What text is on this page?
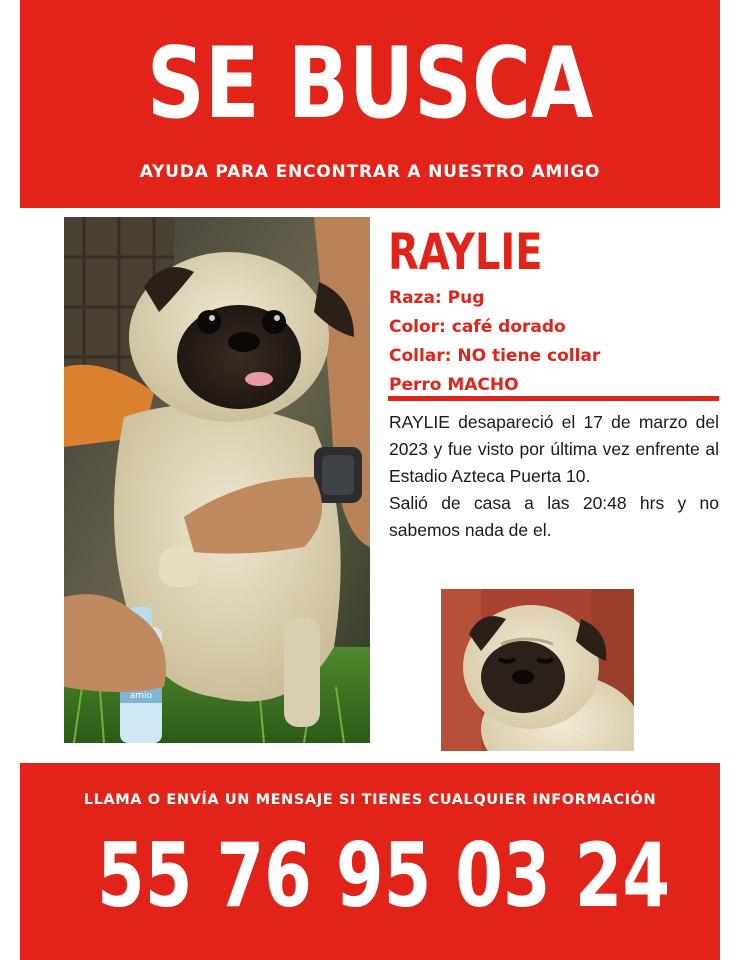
SE BUSCA
AYUDA PARA ENCONTRAR A NUESTRO AMIGO
amio
RAYLIE
Raza: Pug
Color: café dorado
Collar: NO tiene collar
Perro MACHO

RAYLIE desapareció el 17 de marzo del 2023 y fue visto por última vez enfrente al Estadio Azteca Puerta 10.

Salió de casa a las 20:48 hrs y no sabemos nada de el.

LLAMA O ENVÍA UN MENSAJE SI TIENES CUALQUIER INFORMACIÓN
55 76 95 03 24
